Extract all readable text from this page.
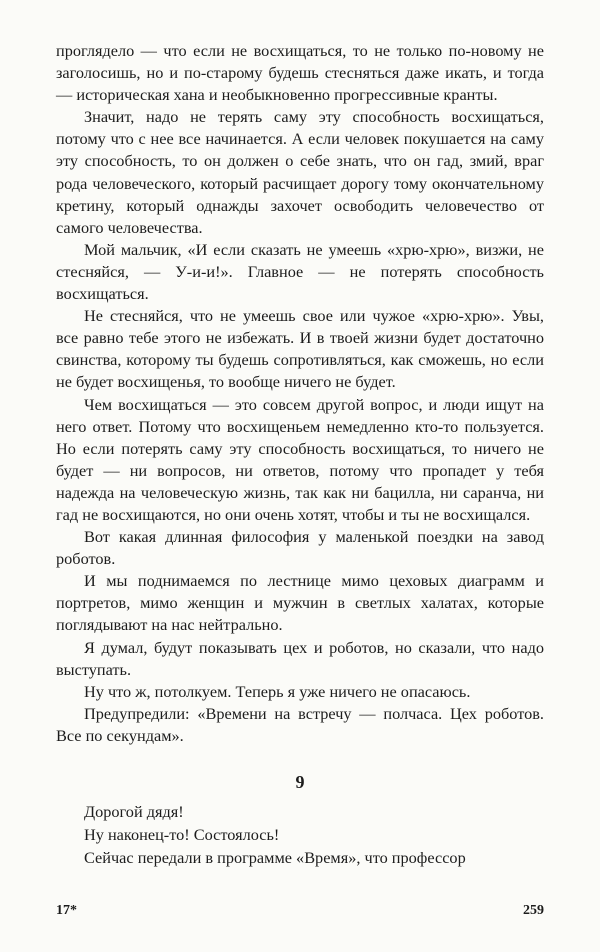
проглядело — что если не восхищаться, то не только по-новому не заголосишь, но и по-старому будешь стесняться даже икать, и тогда — историческая хана и необыкновенно прогрессивные кранты.

Значит, надо не терять саму эту способность восхищаться, потому что с нее все начинается. А если человек покушается на саму эту способность, то он должен о себе знать, что он гад, змий, враг рода человеческого, который расчищает дорогу тому окончательному кретину, который однажды захочет освободить человечество от самого человечества.

Мой мальчик, «И если сказать не умеешь «хрю-хрю», визжи, не стесняйся, — У-и-и!». Главное — не потерять способность восхищаться.

Не стесняйся, что не умеешь свое или чужое «хрю-хрю». Увы, все равно тебе этого не избежать. И в твоей жизни будет достаточно свинства, которому ты будешь сопротивляться, как сможешь, но если не будет восхищенья, то вообще ничего не будет.

Чем восхищаться — это совсем другой вопрос, и люди ищут на него ответ. Потому что восхищеньем немедленно кто-то пользуется. Но если потерять саму эту способность восхищаться, то ничего не будет — ни вопросов, ни ответов, потому что пропадет у тебя надежда на человеческую жизнь, так как ни бацилла, ни саранча, ни гад не восхищаются, но они очень хотят, чтобы и ты не восхищался.

Вот какая длинная философия у маленькой поездки на завод роботов.

И мы поднимаемся по лестнице мимо цеховых диаграмм и портретов, мимо женщин и мужчин в светлых халатах, которые поглядывают на нас нейтрально.

Я думал, будут показывать цех и роботов, но сказали, что надо выступать.

Ну что ж, потолкуем. Теперь я уже ничего не опасаюсь.

Предупредили: «Времени на встречу — полчаса. Цех роботов. Все по секундам».

9

Дорогой дядя!

Ну наконец-то! Состоялось!

Сейчас передали в программе «Время», что профессор

17*	259
